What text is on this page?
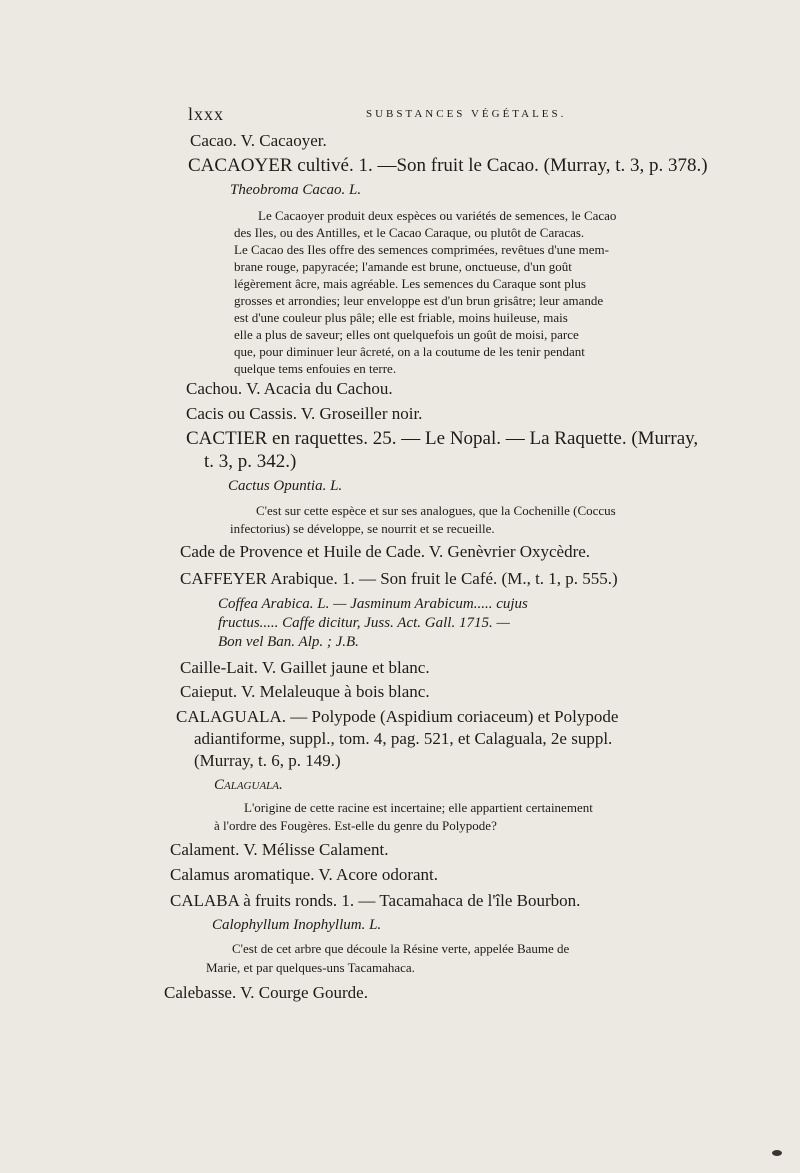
lxxx	SUBSTANCES VÉGÉTALES.
Cacao. V. Cacaoyer.
CACAOYER cultivé. 1. —Son fruit le Cacao. (Murray, t. 3, p. 378.)
Theobroma Cacao. L.
Le Cacaoyer produit deux espèces ou variétés de semences, le Cacao
des Iles, ou des Antilles, et le Cacao Caraque, ou plutôt de Caracas.
Le Cacao des Iles offre des semences comprimées, revêtues d'une mem-
brane rouge, papyracée; l'amande est brune, onctueuse, d'un goût
légèrement âcre, mais agréable. Les semences du Caraque sont plus
grosses et arrondies; leur enveloppe est d'un brun grisâtre; leur amande
est d'une couleur plus pâle; elle est friable, moins huileuse, mais
elle a plus de saveur; elles ont quelquefois un goût de moisi, parce
que, pour diminuer leur âcreté, on a la coutume de les tenir pendant
quelque tems enfouies en terre.
Cachou. V. Acacia du Cachou.
Cacis ou Cassis. V. Groseiller noir.
CACTIER en raquettes. 25. — Le Nopal. — La Raquette. (Murray,
t. 3, p. 342.)
Cactus Opuntia. L.
C'est sur cette espèce et sur ses analogues, que la Cochenille (Coccus
infectorius) se développe, se nourrit et se recueille.
Cade de Provence et Huile de Cade. V. Genèvrier Oxycèdre.
CAFFEYER Arabique. 1. — Son fruit le Café. (M., t. 1, p. 555.)
Coffea Arabica. L. — Jasminum Arabicum..... cujus
fructus..... Caffe dicitur, Juss. Act. Gall. 1715. —
Bon vel Ban. Alp. ; J.B.
Caille-Lait. V. Gaillet jaune et blanc.
Caieput. V. Melaleuque à bois blanc.
CALAGUALA. — Polypode (Aspidium coriaceum) et Polypode
adiantiforme, suppl., tom. 4, pag. 521, et Calaguala, 2e suppl.
(Murray, t. 6, p. 149.)
Calaguala.
L'origine de cette racine est incertaine; elle appartient certainement
à l'ordre des Fougères. Est-elle du genre du Polypode?
Calament. V. Mélisse Calament.
Calamus aromatique. V. Acore odorant.
CALABA à fruits ronds. 1. — Tacamahaca de l'île Bourbon.
Calophyllum Inophyllum. L.
C'est de cet arbre que découle la Résine verte, appelée Baume de
Marie, et par quelques-uns Tacamahaca.
Calebasse. V. Courge Gourde.
